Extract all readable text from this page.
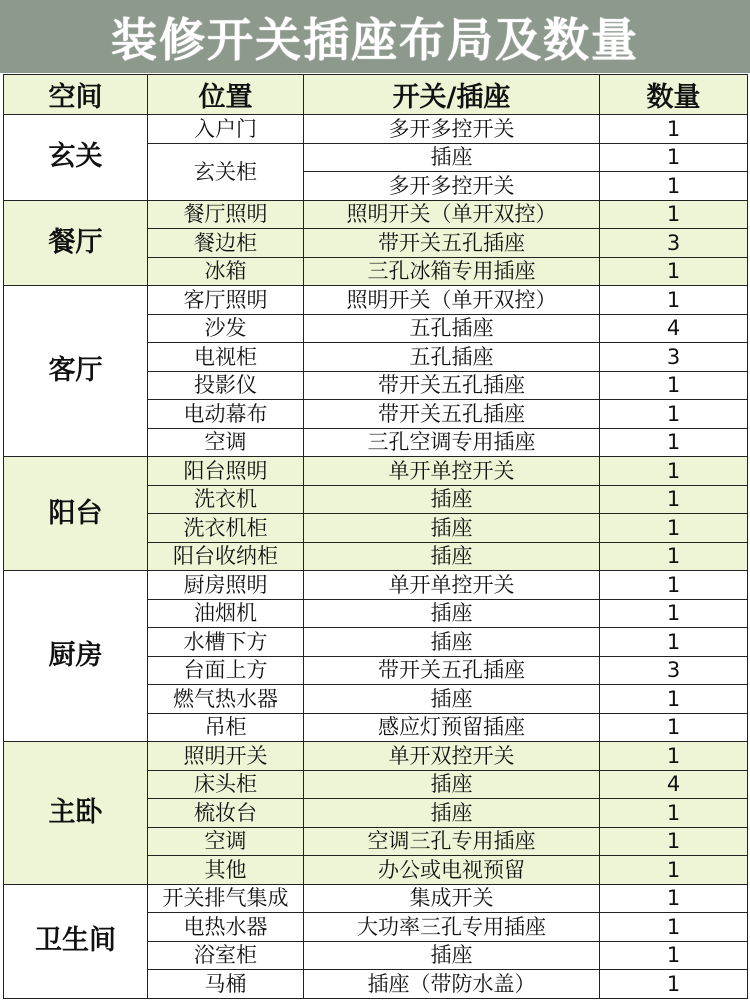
装修开关插座布局及数量
空间	位置	开关/插座	数量
玄关	入户门	多开多控开关	1
	玄关柜	插座	1
		多开多控开关	1
餐厅	餐厅照明	照明开关（单开双控）	1
	餐边柜	带开关五孔插座	3
	冰箱	三孔冰箱专用插座	1
客厅	客厅照明	照明开关（单开双控）	1
	沙发	五孔插座	4
	电视柜	五孔插座	3
	投影仪	带开关五孔插座	1
	电动幕布	带开关五孔插座	1
	空调	三孔空调专用插座	1
阳台	阳台照明	单开单控开关	1
	洗衣机	插座	1
	洗衣机柜	插座	1
	阳台收纳柜	插座	1
厨房	厨房照明	单开单控开关	1
	油烟机	插座	1
	水槽下方	插座	1
	台面上方	带开关五孔插座	3
	燃气热水器	插座	1
	吊柜	感应灯预留插座	1
主卧	照明开关	单开双控开关	1
	床头柜	插座	4
	梳妆台	插座	1
	空调	空调三孔专用插座	1
	其他	办公或电视预留	1
卫生间	开关排气集成	集成开关	1
	电热水器	大功率三孔专用插座	1
	浴室柜	插座	1
	马桶	插座（带防水盖）	1
